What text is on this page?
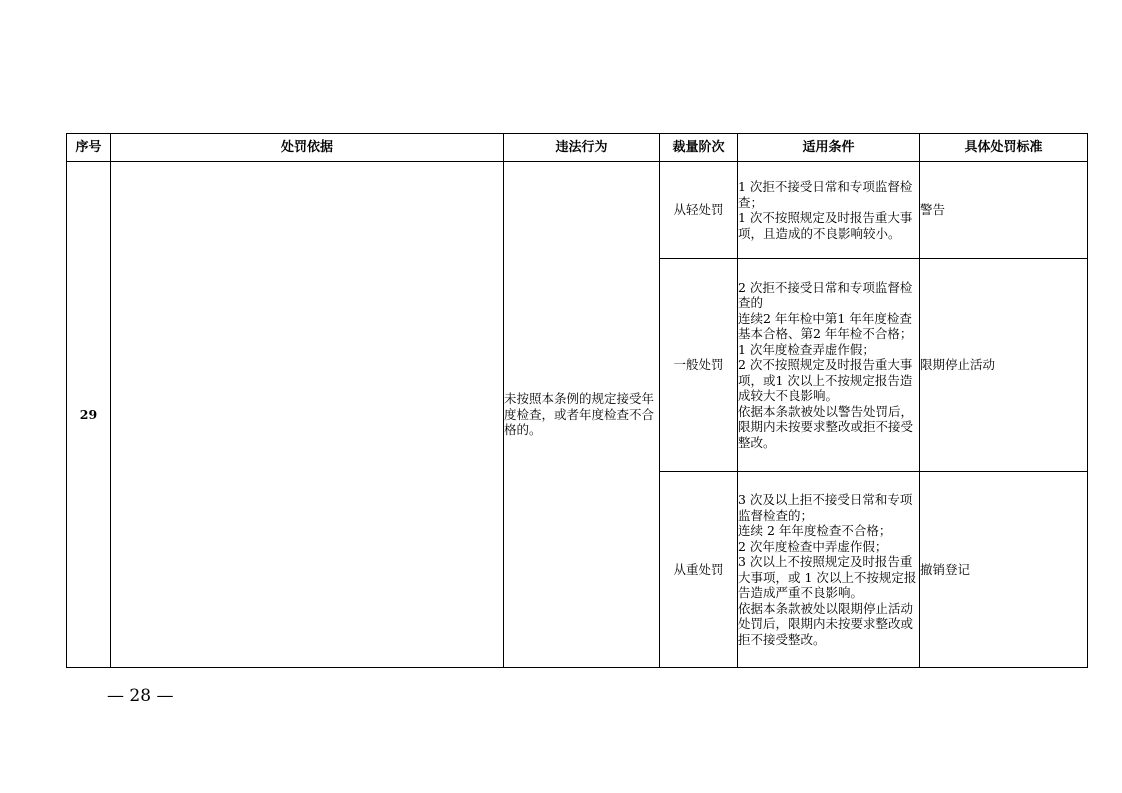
序号	处罚依据	违法行为	裁量阶次	适用条件	具体处罚标准
29		未按照本条例的规定接受年度检查，或者年度检查不合格的。	从轻处罚	1 次拒不接受日常和专项监督检查；
1 次不按照规定及时报告重大事项，且造成的不良影响较小。	警告
			一般处罚	2 次拒不接受日常和专项监督检查的
连续2 年年检中第1 年年度检查基本合格、第2 年年检不合格；
1 次年度检查弄虚作假；
2 次不按照规定及时报告重大事项，或1 次以上不按规定报告造成较大不良影响。
依据本条款被处以警告处罚后，限期内未按要求整改或拒不接受整改。	限期停止活动
			从重处罚	3 次及以上拒不接受日常和专项监督检查的；
连续 2 年年度检查不合格；
2 次年度检查中弄虚作假；
3 次以上不按照规定及时报告重大事项，或 1 次以上不按规定报告造成严重不良影响。
依据本条款被处以限期停止活动处罚后，限期内未按要求整改或拒不接受整改。	撤销登记
— 28 —
